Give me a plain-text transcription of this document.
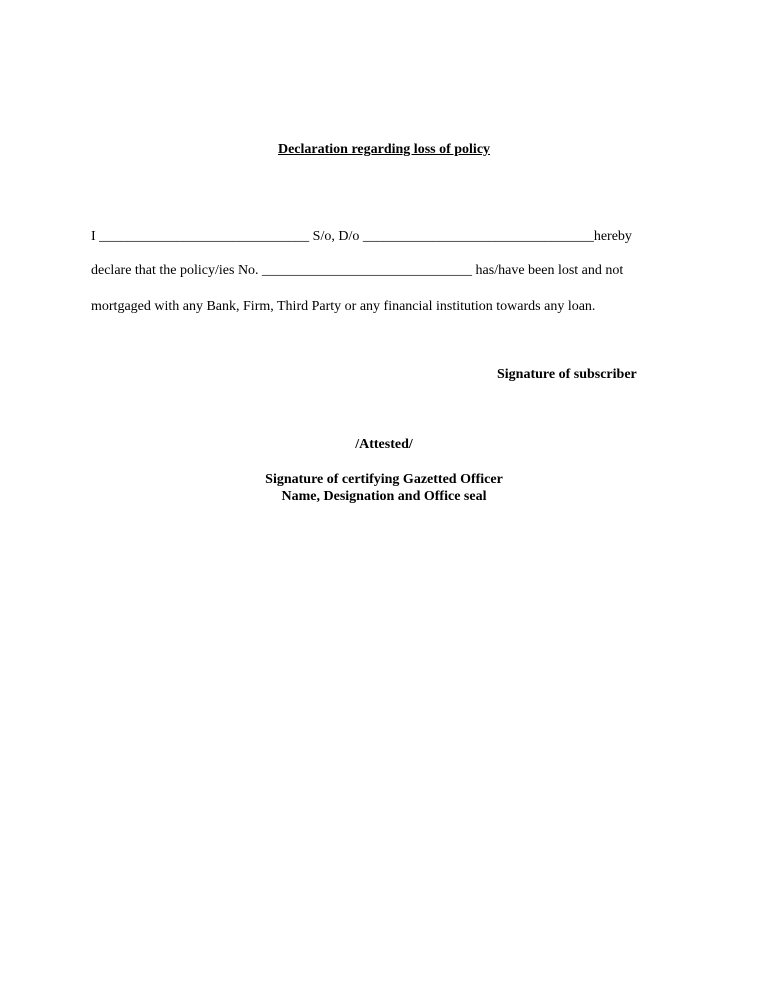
Declaration regarding loss of policy
I ______________________________ S/o, D/o _________________________________hereby
declare that the policy/ies No. ______________________________ has/have been lost and not
mortgaged with any Bank, Firm, Third Party or any financial institution towards any loan.
Signature of subscriber
/Attested/
Signature of certifying Gazetted Officer
Name, Designation and Office seal
